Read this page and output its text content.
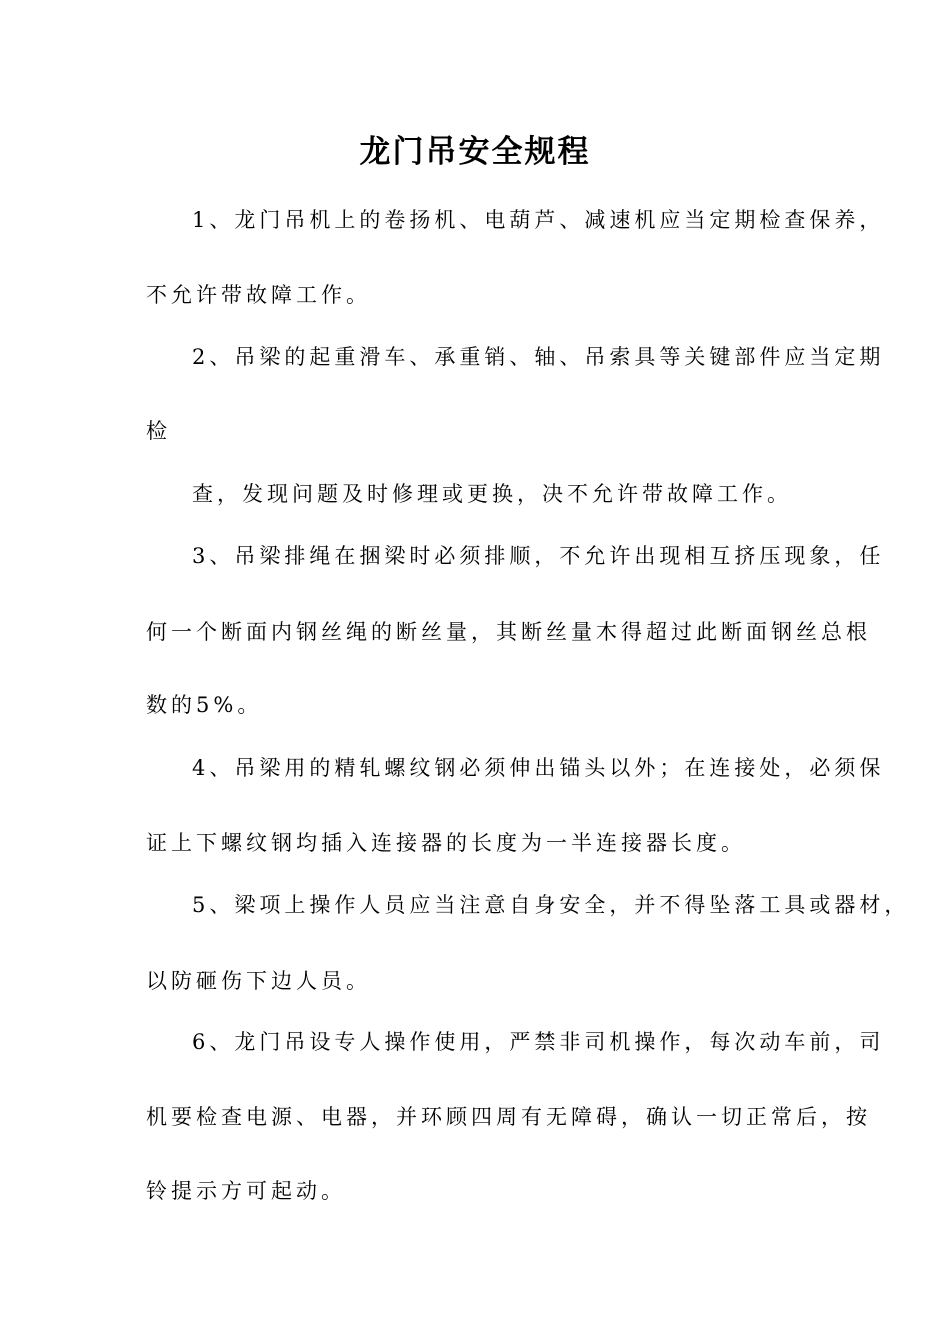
龙门吊安全规程
1、龙门吊机上的卷扬机、电葫芦、减速机应当定期检查保养，
不允许带故障工作。
2、吊梁的起重滑车、承重销、轴、吊索具等关键部件应当定期
检
查，发现问题及时修理或更换，决不允许带故障工作。
3、吊梁排绳在捆梁时必须排顺，不允许出现相互挤压现象，任
何一个断面内钢丝绳的断丝量，其断丝量木得超过此断面钢丝总根
数的5%。
4、吊梁用的精轧螺纹钢必须伸出锚头以外；在连接处，必须保
证上下螺纹钢均插入连接器的长度为一半连接器长度。
5、梁项上操作人员应当注意自身安全，并不得坠落工具或器材，
以防砸伤下边人员。
6、龙门吊设专人操作使用，严禁非司机操作，每次动车前，司
机要检查电源、电器，并环顾四周有无障碍，确认一切正常后，按
铃提示方可起动。
